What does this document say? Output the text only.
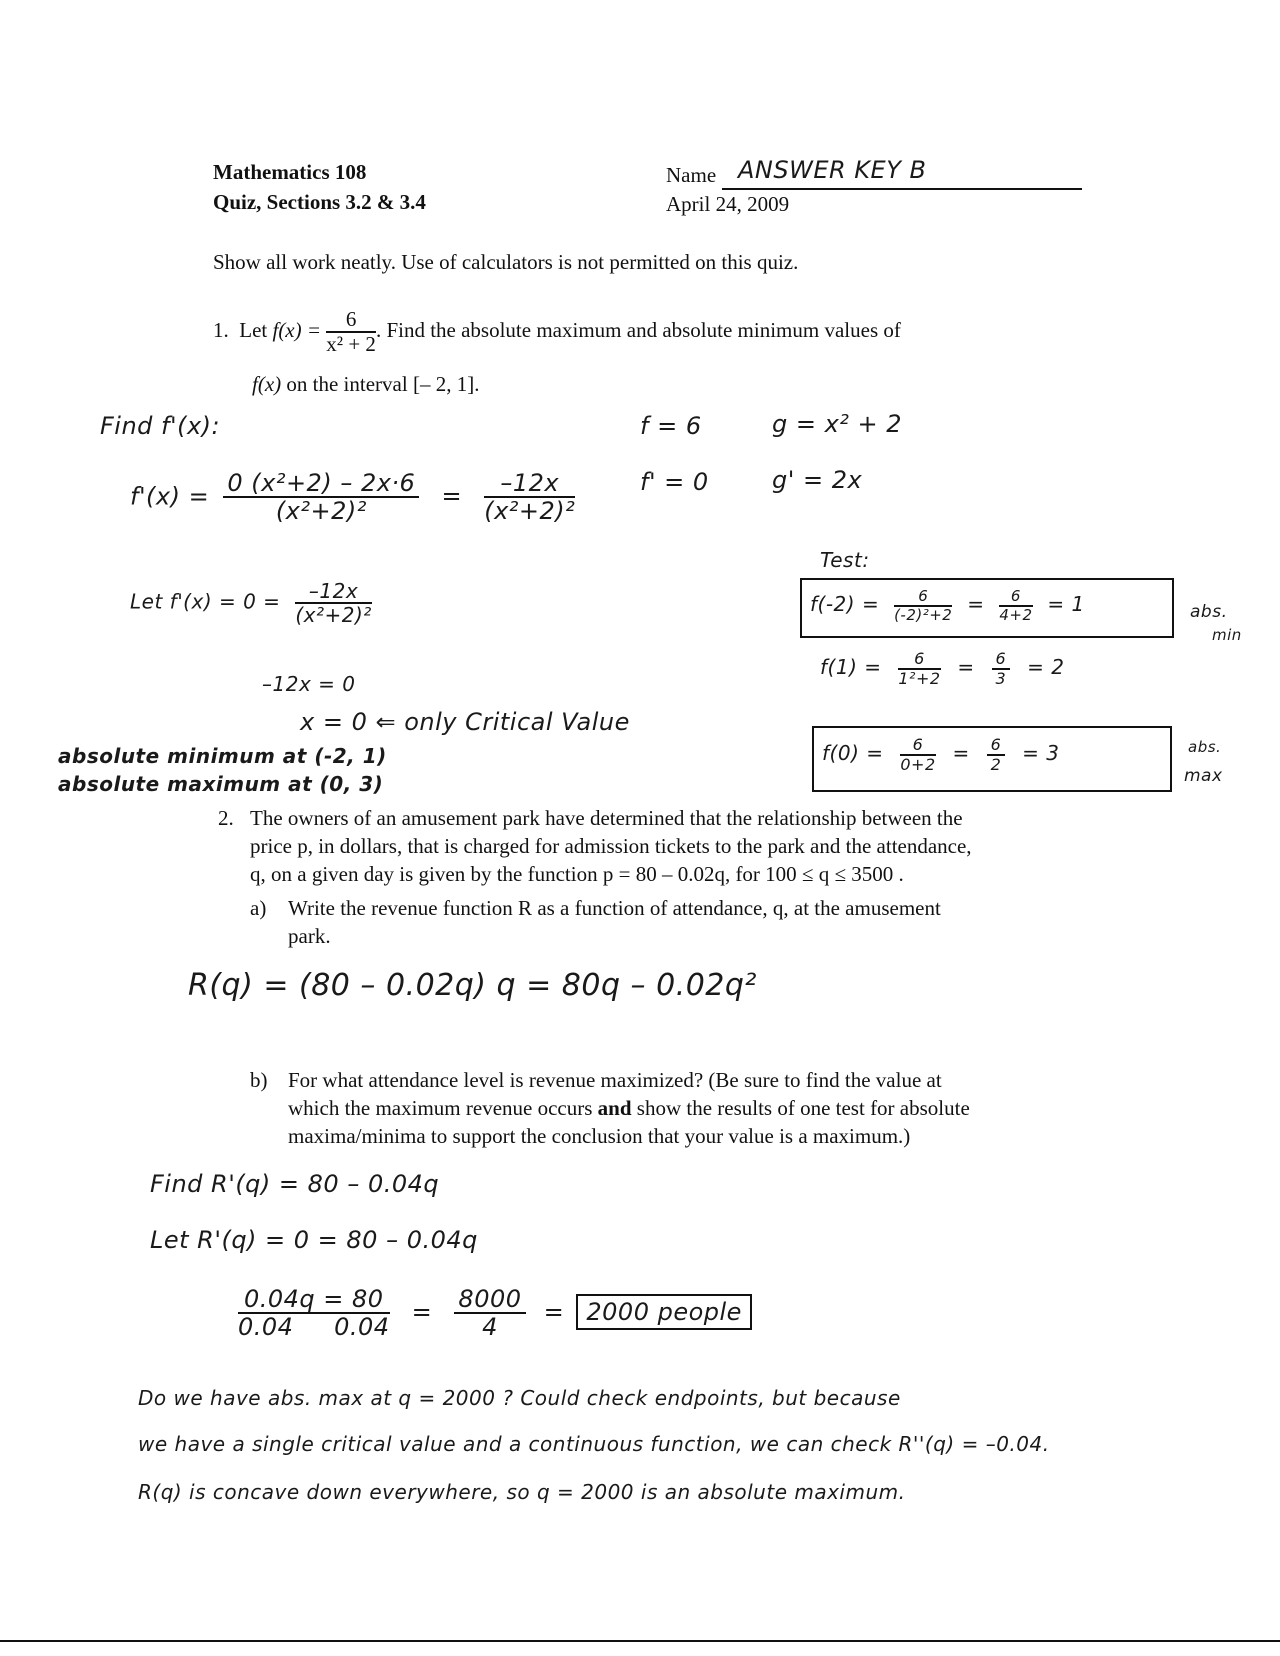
Mathematics 108
Quiz, Sections 3.2 & 3.4
Name ANSWER KEY B
April 24, 2009
Show all work neatly. Use of calculators is not permitted on this quiz.
1. Let $f(x) = \frac{6}{\text{x² + 2}}$ . Find the absolute maximum and absolute minimum values of
f(x) on the interval [– 2, 1].
Find f'(x):
$f'(x) = \frac{\text{0 (x²+2) – 2x·6}}{\text{(x²+2)²}} = \frac{-12x}{\text{(x²+2)²}}$
f = 6	g = x² + 2
f' = 0	g' = 2x
Let $f'(x) = 0 = \frac{-12x}{\text{(x²+2)²}}$
–12x = 0
x = 0 ⇐ only Critical Value
absolute minimum at (-2, 1)
absolute maximum at (0, 3)
Test:
$f(-2) = \frac{6}{\text{(-2)²+2}} = \frac{6}{4+2} = 1$	abs.
min
$f(1) = \frac{6}{\text{1²+2}} = \frac{6}{3} = 2$
$f(0) = \frac{6}{0+2} = \frac{6}{2} = 3$	abs.
max
2. The owners of an amusement park have determined that the relationship between the
price p, in dollars, that is charged for admission tickets to the park and the attendance,
q, on a given day is given by the function p = 80 – 0.02q, for 100 ≤ q ≤ 3500 .
a) Write the revenue function R as a function of attendance, q, at the amusement
park.
R(q) = (80 – 0.02q) q = 80q – 0.02q²
b) For what attendance level is revenue maximized? (Be sure to find the value at
which the maximum revenue occurs and show the results of one test for absolute
maxima/minima to support the conclusion that your value is a maximum.)
Find R'(q) = 80 – 0.04q
Let R'(q) = 0 = 80 – 0.04q
$\frac{0.04q = 80}{0.04 0.04} = \frac{8000}{4} = 2000$ people
Do we have abs. max at q = 2000 ? Could check endpoints, but because
we have a single critical value and a continuous function, we can check R''(q) = –0.04.
R(q) is concave down everywhere, so q = 2000 is an absolute maximum.
